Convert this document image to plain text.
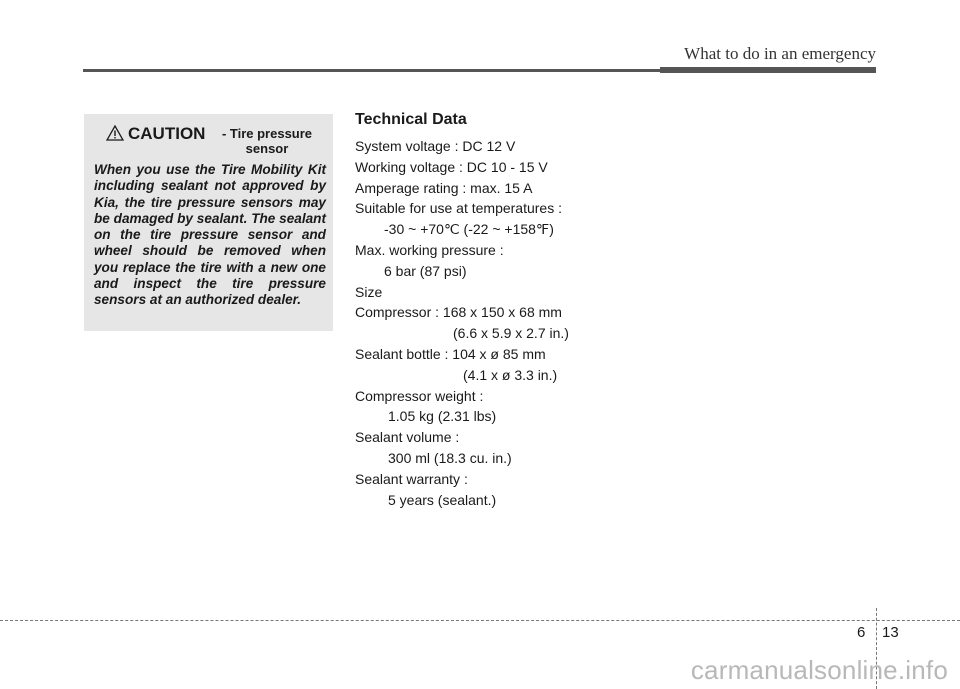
What to do in an emergency
CAUTION	- Tire pressure sensor
When you use the Tire Mobility Kit including sealant not approved by Kia, the tire pressure sensors may be damaged by sealant. The sealant on the tire pressure sensor and wheel should be removed when you replace the tire with a new one and inspect the tire pressure sensors at an authorized dealer.
Technical Data
System voltage : DC 12 V
Working voltage : DC 10 - 15 V
Amperage rating : max. 15 A
Suitable for use at temperatures :
-30 ~ +70℃ (-22 ~ +158℉)
Max. working pressure :
6 bar (87 psi)
Size
Compressor : 168 x 150 x 68 mm
(6.6 x 5.9 x 2.7 in.)
Sealant bottle : 104 x ø 85 mm
(4.1 x ø 3.3 in.)
Compressor weight :
1.05 kg (2.31 lbs)
Sealant volume :
300 ml (18.3 cu. in.)
Sealant warranty :
5 years (sealant.)
6 13
carmanualsonline.info
